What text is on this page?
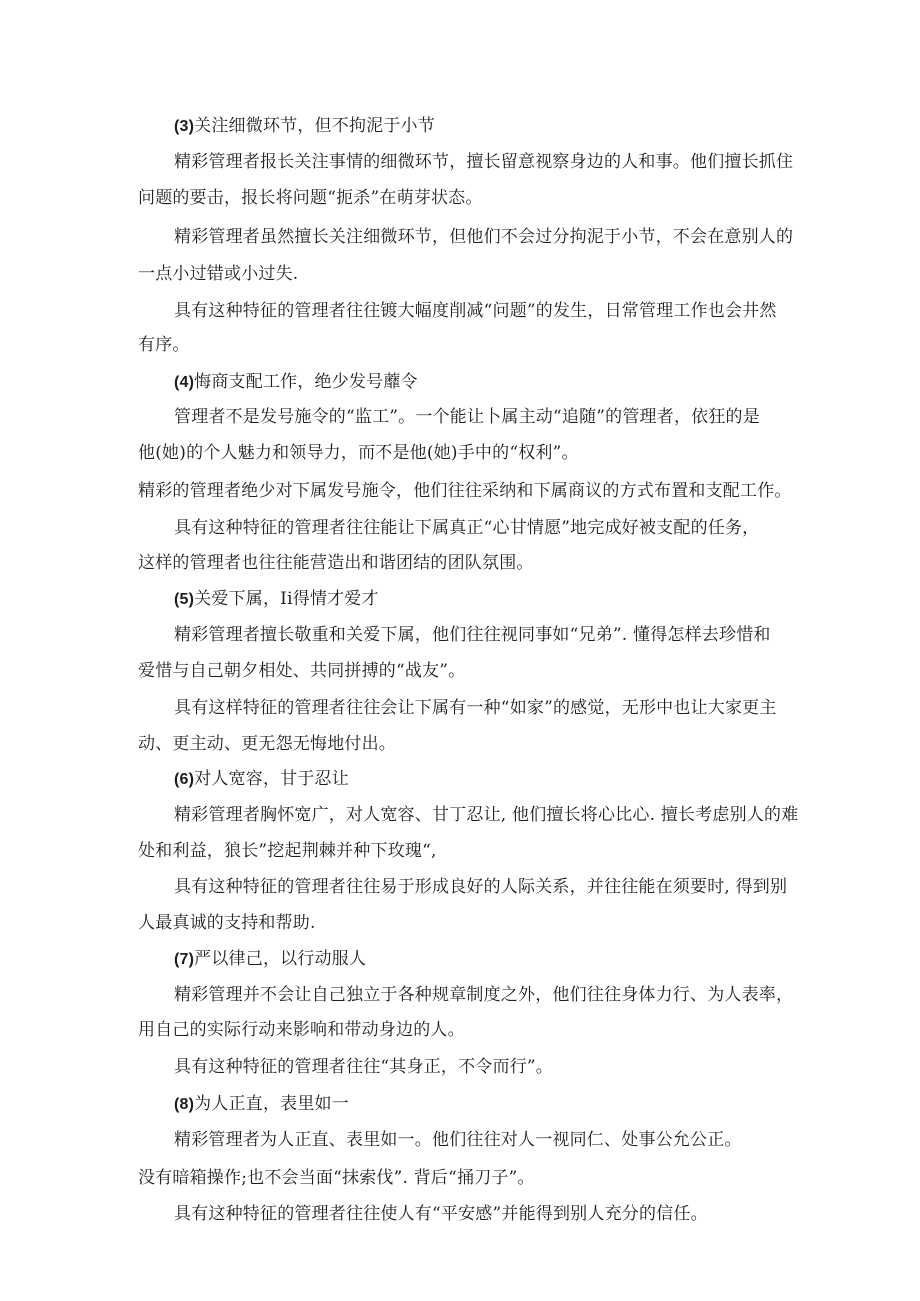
(3)关注细微环节，但不拘泥于小节
精彩管理者报长关注事情的细微环节，擅长留意视察身边的人和事。他们擅长抓住
问题的要击，报长将问题“扼杀”在萌芽状态。
精彩管理者虽然擅长关注细微环节，但他们不会过分拘泥于小节，不会在意别人的
一点小过错或小过失.
具有这种特征的管理者往往镀大幅度削减“问题”的发生，日常管理工作也会井然
有序。
(4)悔商支配工作，绝少发号蘼令
管理者不是发号施令的“监工”。一个能让卜属主动“追随”的管理者，依狂的是
他(她)的个人魅力和领导力，而不是他(她)手中的“权利”。
精彩的管理者绝少对下属发号施令，他们往往采纳和下属商议的方式布置和支配工作。
具有这种特征的管理者往往能让下属真正“心甘情愿”地完成好被支配的任务，
这样的管理者也往往能营造出和谐团结的团队氛围。
(5)关爱下属，Ii得情才爱才
精彩管理者擅长敬重和关爱下属，他们往往视同事如“兄弟”. 懂得怎样去珍惜和
爱惜与自己朝夕相处、共同拼搏的“战友”。
具有这样特征的管理者往往会让下属有一种“如家”的感觉，无形中也让大家更主
动、更主动、更无怨无悔地付出。
(6)对人宽容，甘于忍让
精彩管理者胸怀宽广，对人宽容、甘丁忍让, 他们擅长将心比心. 擅长考虑别人的难
处和利益，狼长”挖起荆棘并种下玫瑰“,
具有这种特征的管理者往往易于形成良好的人际关系，并往往能在须要时, 得到别
人最真诚的支持和帮助.
(7)严以律己，以行动服人
精彩管理并不会让自己独立于各种规章制度之外，他们往往身体力行、为人表率，
用自己的实际行动来影响和带动身边的人。
具有这种特征的管理者往往“其身正，不令而行”。
(8)为人正直，表里如一
精彩管理者为人正直、表里如一。他们往往对人一视同仁、处事公允公正。
没有暗箱操作;也不会当面“抹索伐”. 背后“捅刀子”。
具有这种特征的管理者往往使人有“平安感”并能得到别人充分的信任。
